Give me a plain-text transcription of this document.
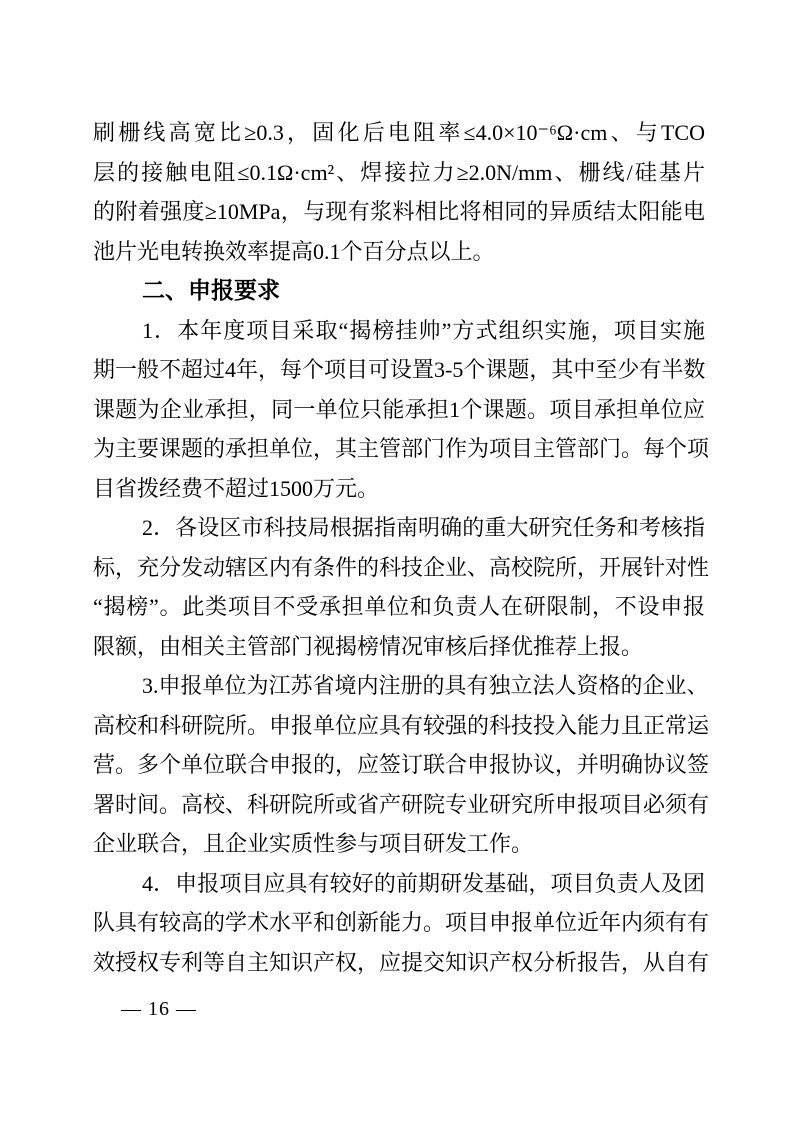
刷栅线高宽比≥0.3，固化后电阻率≤4.0×10⁻⁶Ω·cm、与TCO
层的接触电阻≤0.1Ω·cm²、焊接拉力≥2.0N/mm、栅线/硅基片
的附着强度≥10MPa，与现有浆料相比将相同的异质结太阳能电
池片光电转换效率提高0.1个百分点以上。
二、申报要求
1．本年度项目采取“揭榜挂帅”方式组织实施，项目实施
期一般不超过4年，每个项目可设置3-5个课题，其中至少有半数
课题为企业承担，同一单位只能承担1个课题。项目承担单位应
为主要课题的承担单位，其主管部门作为项目主管部门。每个项
目省拨经费不超过1500万元。
2．各设区市科技局根据指南明确的重大研究任务和考核指
标，充分发动辖区内有条件的科技企业、高校院所，开展针对性
“揭榜”。此类项目不受承担单位和负责人在研限制，不设申报
限额，由相关主管部门视揭榜情况审核后择优推荐上报。
3.申报单位为江苏省境内注册的具有独立法人资格的企业、
高校和科研院所。申报单位应具有较强的科技投入能力且正常运
营。多个单位联合申报的，应签订联合申报协议，并明确协议签
署时间。高校、科研院所或省产研院专业研究所申报项目必须有
企业联合，且企业实质性参与项目研发工作。
4．申报项目应具有较好的前期研发基础，项目负责人及团
队具有较高的学术水平和创新能力。项目申报单位近年内须有有
效授权专利等自主知识产权，应提交知识产权分析报告，从自有
— 16 —
